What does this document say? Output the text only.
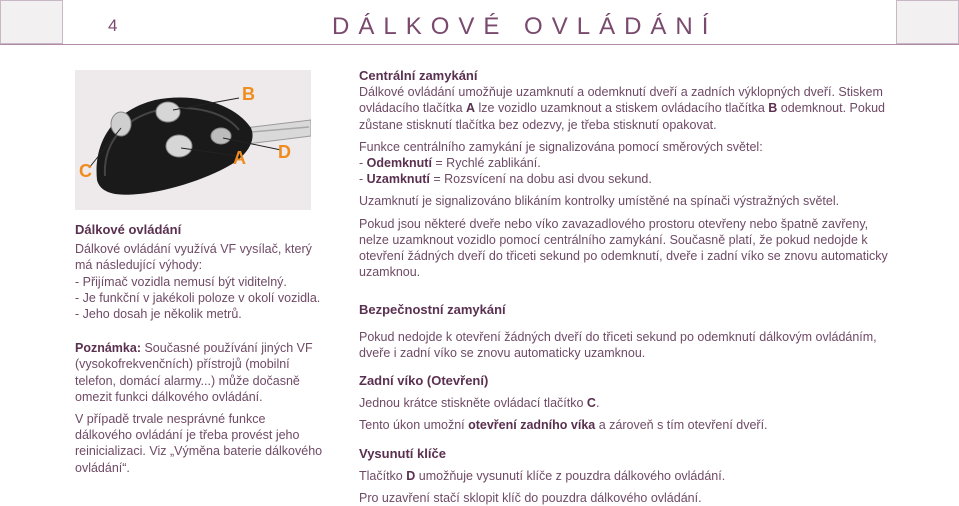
4	DÁLKOVÉ OVLÁDÁNÍ
B
A
C
D
Dálkové ovládání

Dálkové ovládání využívá VF vysílač, který má následující výhody:

- Přijímač vozidla nemusí být viditelný.

- Je funkční v jakékoli poloze v okolí vozidla.

- Jeho dosah je několik metrů.

Poznámka: Současné používání jiných VF (vysokofrekvenčních) přístrojů (mobilní telefon, domácí alarmy...) může dočasně omezit funkci dálkového ovládání.

V případě trvale nesprávné funkce dálkového ovládání je třeba provést jeho reinicializaci. Viz „Výměna baterie dálkového ovládání“.

Centrální zamykání

Dálkové ovládání umožňuje uzamknutí a odemknutí dveří a zadních výklopných dveří. Stiskem ovládacího tlačítka A lze vozidlo uzamknout a stiskem ovládacího tlačítka B odemknout. Pokud zůstane stisknutí tlačítka bez odezvy, je třeba stisknutí opakovat.

Funkce centrálního zamykání je signalizována pomocí směrových světel:

- Odemknutí = Rychlé zablikání.

- Uzamknutí = Rozsvícení na dobu asi dvou sekund.

Uzamknutí je signalizováno blikáním kontrolky umístěné na spínači výstražných světel.

Pokud jsou některé dveře nebo víko zavazadlového prostoru otevřeny nebo špatně zavřeny, nelze uzamknout vozidlo pomocí centrálního zamykání. Současně platí, že pokud nedojde k otevření žádných dveří do třiceti sekund po odemknutí, dveře i zadní víko se znovu automaticky uzamknou.

Bezpečnostní zamykání

Pokud nedojde k otevření žádných dveří do třiceti sekund po odemknutí dálkovým ovládáním, dveře i zadní víko se znovu automaticky uzamknou.

Zadní víko (Otevření)

Jednou krátce stiskněte ovládací tlačítko C.

Tento úkon umožní otevření zadního víka a zároveň s tím otevření dveří.

Vysunutí klíče

Tlačítko D umožňuje vysunutí klíče z pouzdra dálkového ovládání.

Pro uzavření stačí sklopit klíč do pouzdra dálkového ovládání.
